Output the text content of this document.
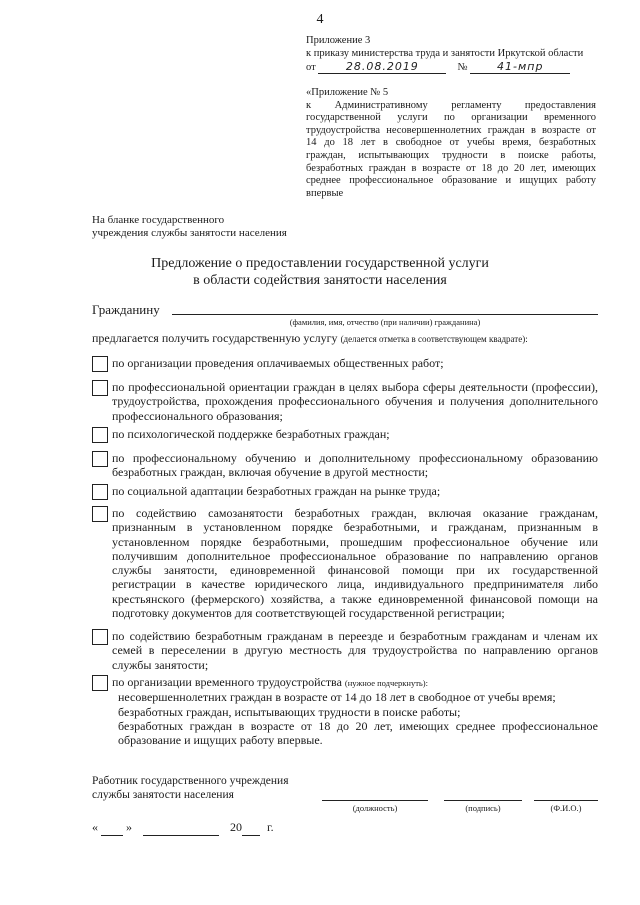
4
Приложение 3
к приказу министерства труда и занятости Иркутской области
от	28.08.2019	№	41-мпр
«Приложение № 5
к Административному регламенту предоставления
государственной услуги по организации временного
трудоустройства несовершеннолетних граждан в возрасте от
14 до 18 лет в свободное от учебы время, безработных
граждан, испытывающих трудности в поиске работы,
безработных граждан в возрасте от 18 до 20 лет, имеющих
среднее профессиональное образование и ищущих работу
впервые
На бланке государственного
учреждения службы занятости населения
Предложение о предоставлении государственной услуги
в области содействия занятости населения
Гражданину
(фамилия, имя, отчество (при наличии) гражданина)
предлагается получить государственную услугу (делается отметка в соответствующем квадрате):
по организации проведения оплачиваемых общественных работ;
по профессиональной ориентации граждан в целях выбора сферы деятельности (профессии), трудоустройства, прохождения профессионального обучения и получения дополнительного профессионального образования;
по психологической поддержке безработных граждан;
по профессиональному обучению и дополнительному профессиональному образованию безработных граждан, включая обучение в другой местности;
по социальной адаптации безработных граждан на рынке труда;
по содействию самозанятости безработных граждан, включая оказание гражданам, признанным в установленном порядке безработными, и гражданам, признанным в установленном порядке безработными, прошедшим профессиональное обучение или получившим дополнительное профессиональное образование по направлению органов службы занятости, единовременной финансовой помощи при их государственной регистрации в качестве юридического лица, индивидуального предпринимателя либо крестьянского (фермерского) хозяйства, а также единовременной финансовой помощи на подготовку документов для соответствующей государственной регистрации;
по содействию безработным гражданам в переезде и безработным гражданам и членам их семей в переселении в другую местность для трудоустройства по направлению органов службы занятости;
по организации временного трудоустройства (нужное подчеркнуть):
несовершеннолетних граждан в возрасте от 14 до 18 лет в свободное от учебы время;
безработных граждан, испытывающих трудности в поиске работы;
безработных граждан в возрасте от 18 до 20 лет, имеющих среднее профессиональное образование и ищущих работу впервые.
Работник государственного учреждения
службы занятости населения
(должность)	(подпись)	(Ф.И.О.)
« »	20 г.
